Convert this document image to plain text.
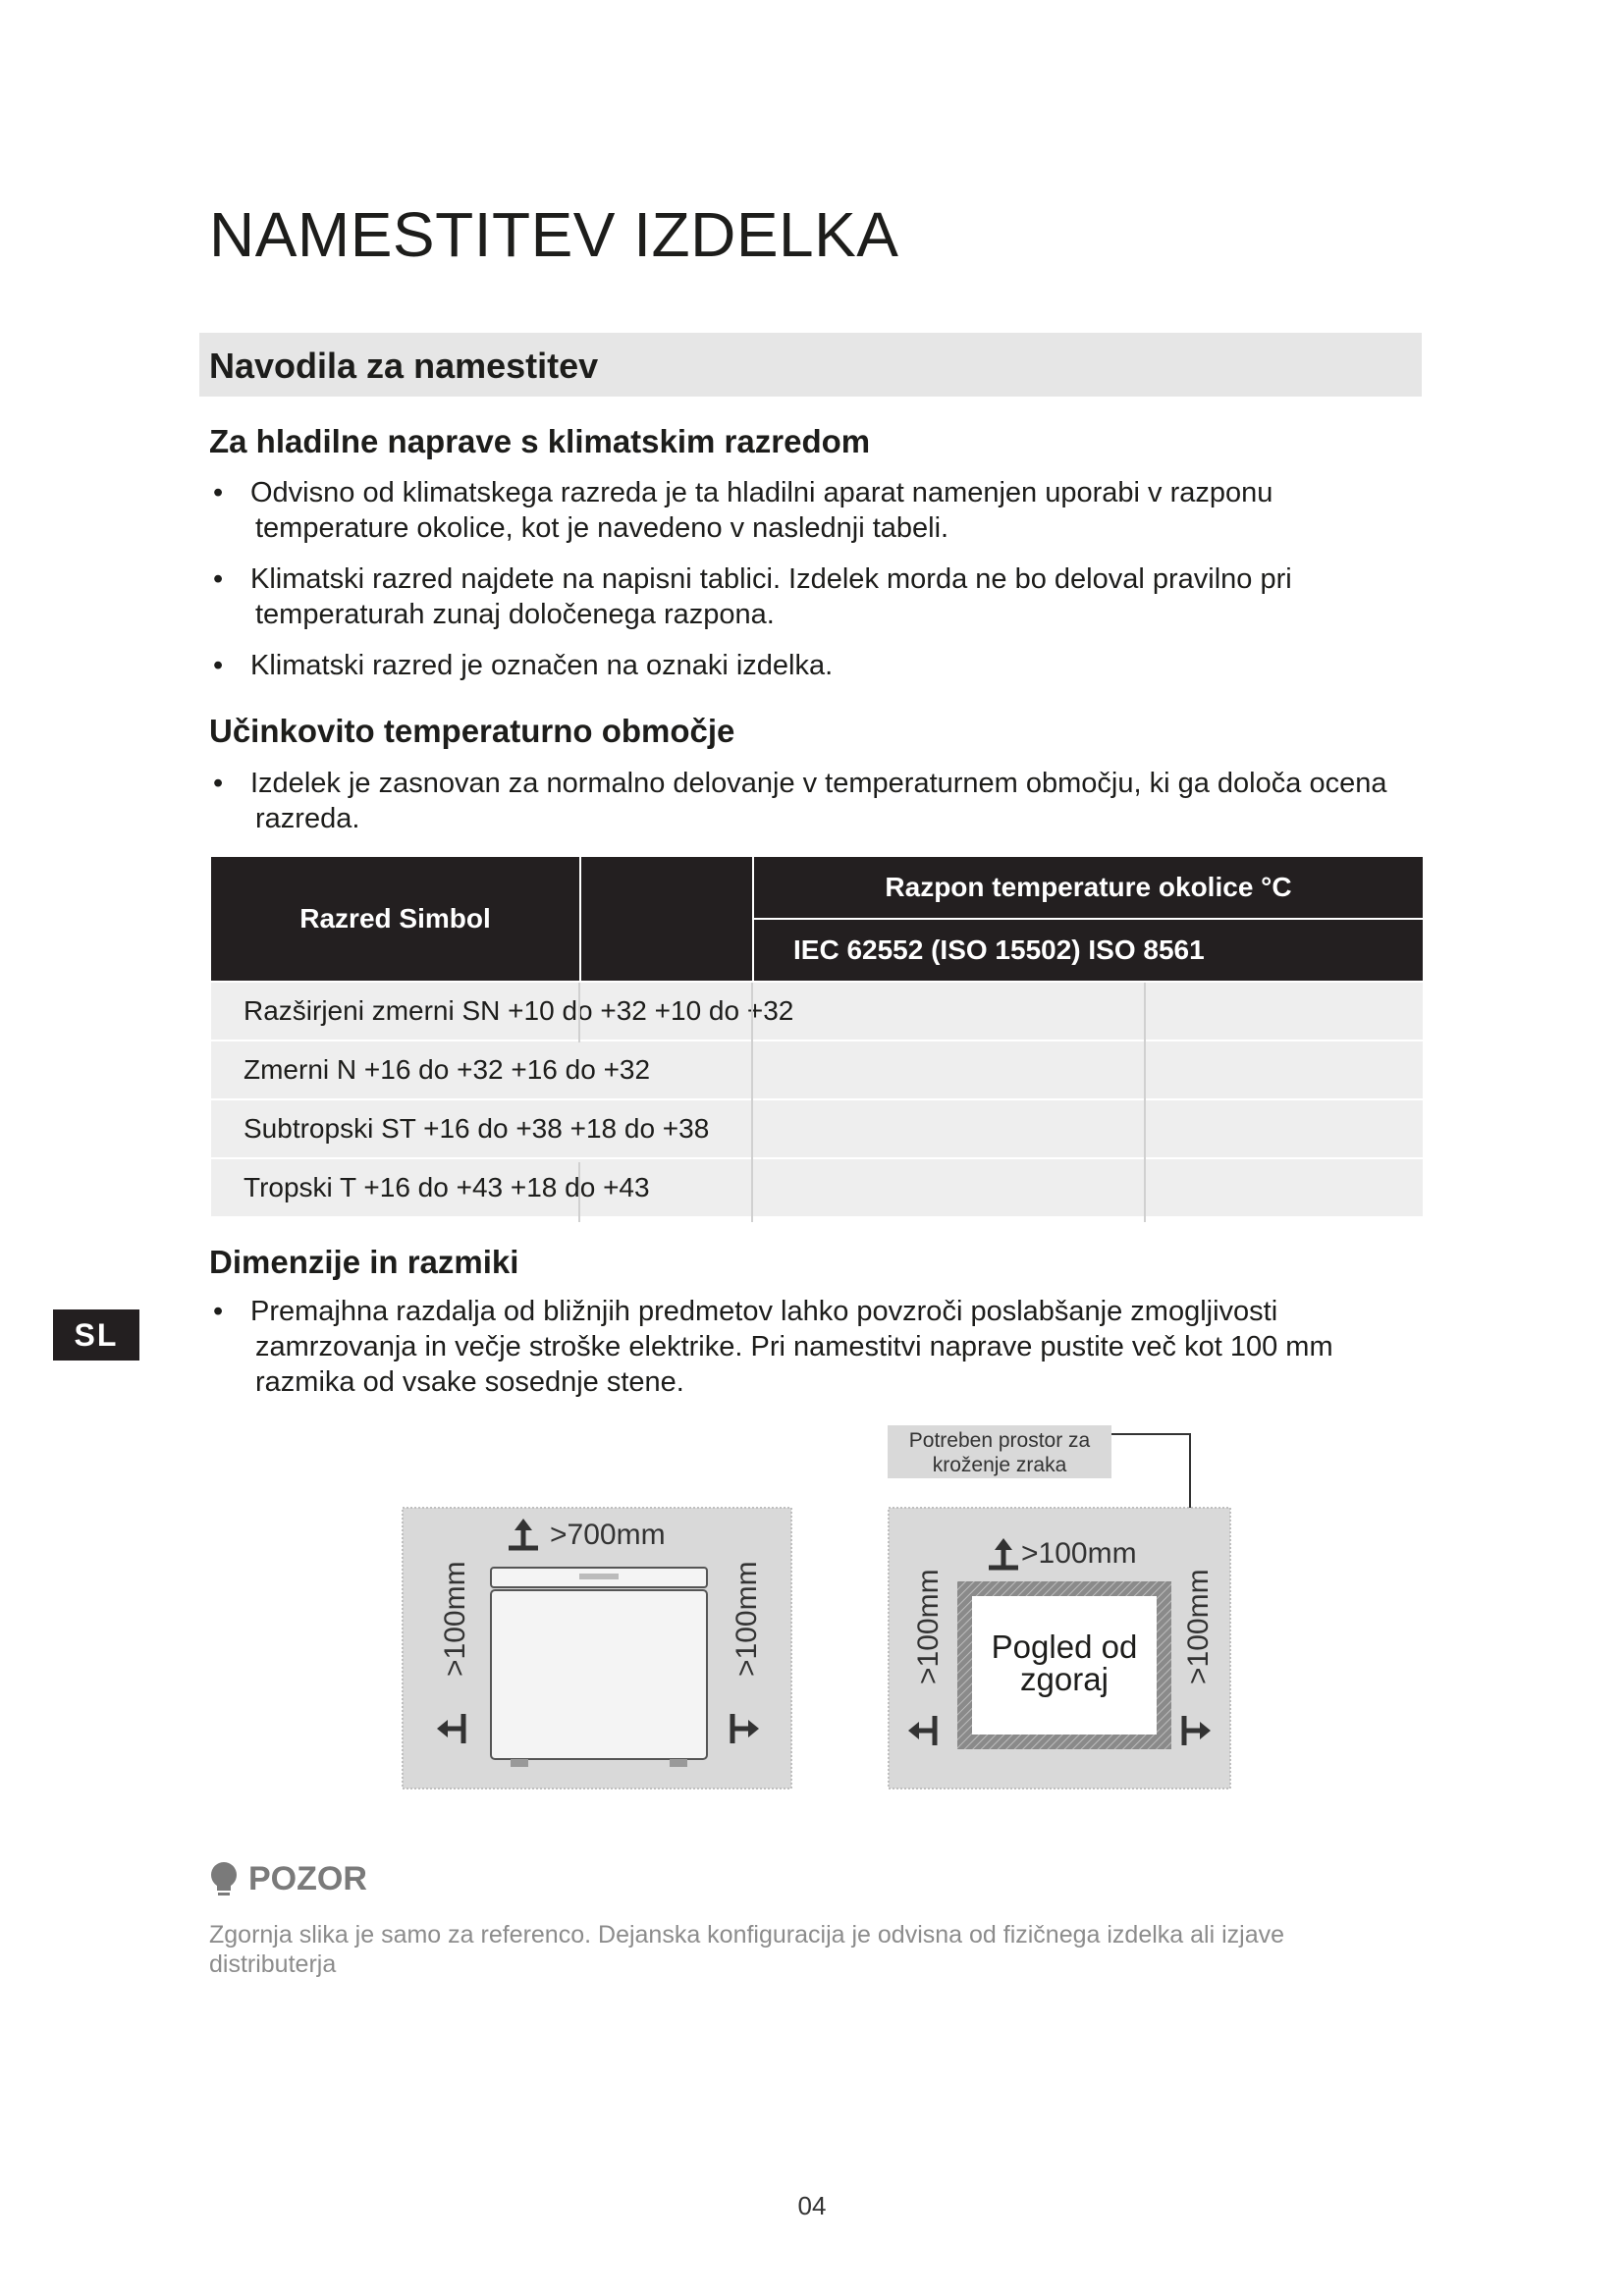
NAMESTITEV IZDELKA
Navodila za namestitev
Za hladilne naprave s klimatskim razredom
• Odvisno od klimatskega razreda je ta hladilni aparat namenjen uporabi v razponu temperature okolice, kot je navedeno v naslednji tabeli.
• Klimatski razred najdete na napisni tablici. Izdelek morda ne bo deloval pravilno pri temperaturah zunaj določenega razpona.
• Klimatski razred je označen na oznaki izdelka.
Učinkovito temperaturno območje
• Izdelek je zasnovan za normalno delovanje v temperaturnem območju, ki ga določa ocena razreda.
Razred Simbol		Razpon temperature okolice °C
IEC 62552 (ISO 15502) ISO 8561
Razširjeni zmerni SN +10 do +32 +10 do +32
Zmerni N +16 do +32 +16 do +32
Subtropski ST +16 do +38 +18 do +38
Tropski T +16 do +43 +18 do +43
Dimenzije in razmiki
• Premajhna razdalja od bližnjih predmetov lahko povzroči poslabšanje zmogljivosti zamrzovanja in večje stroške elektrike. Pri namestitvi naprave pustite več kot 100 mm razmika od vsake sosednje stene.
SL
Potreben prostor za kroženje zraka
>700mm
>100mm	>100mm	Pogled od
zgoraj
>100mm
>100mm	>100mm
POZOR

Zgornja slika je samo za referenco. Dejanska konfiguracija je odvisna od fizičnega izdelka ali izjave distributerja

04
